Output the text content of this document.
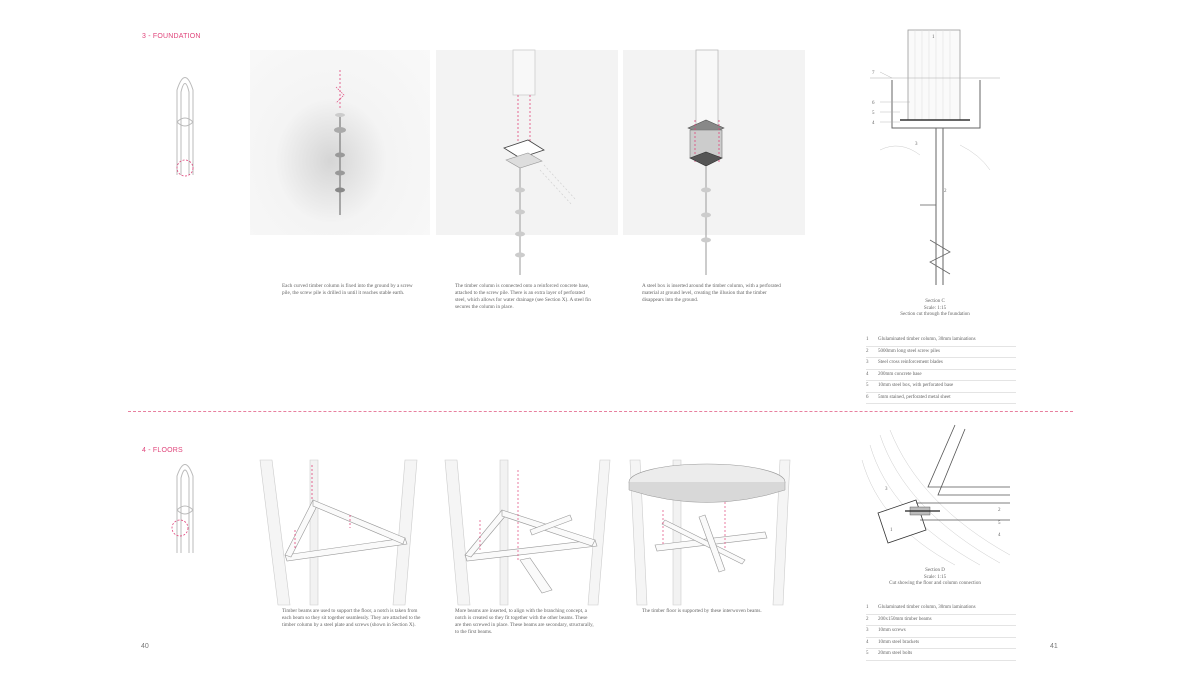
3 - FOUNDATION
Each curved timber column is fixed into the ground by a screw pile, the screw pile is drilled in until it reaches stable earth.
The timber column is connected onto a reinforced concrete base, attached to the screw pile. There is an extra layer of perforated steel, which allows for water drainage (see Section X). A steel fin secures the column in place.
A steel box is inserted around the timber column, with a perforated material at ground level, creating the illusion that the timber disappears into the ground.
7
6
5
4
3
2
1
Section C
Scale: 1:15
Section cut through the foundation
1	Glulaminated timber column, 30mm laminations
2	5000mm long steel screw piles
3	Steel cross reinforcement blades
4	200mm concrete base
5	10mm steel box, with perforated base
6	5mm stained, perforated metal sheet
4 - FLOORS
Timber beams are used to support the floor, a notch is taken from each beam so they sit together seamlessly. They are attached to the timber column by a steel plate and screws (shown in Section X).
More beams are inserted, to align with the branching concept, a notch is created so they fit together with the other beams. These are then screwed in place. These beams are secondary, structurally, to the first beams.
The timber floor is supported by these interwoven beams.
3
1
2
5
4
Section D
Scale: 1:15
Cut showing the floor and column connection
1	Glulaminated timber column, 30mm laminations
2	200x150mm timber beams
3	10mm screws
4	10mm steel brackets
5	20mm steel bolts
40	41
